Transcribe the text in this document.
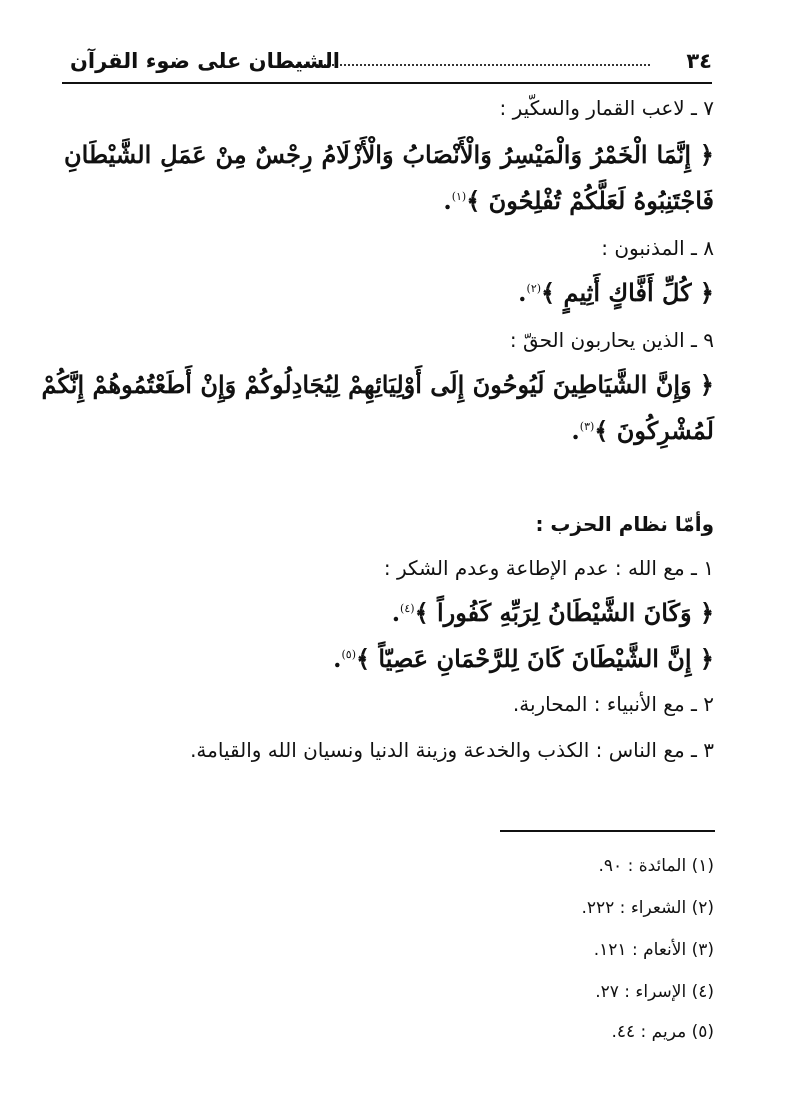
٣٤
الشيطان على ضوء القرآن
٧ ـ لاعب القمار والسكّير :
﴿ إِنَّمَا الْخَمْرُ وَالْمَيْسِرُ وَالْأَنْصَابُ وَالْأَزْلَامُ رِجْسٌ مِنْ عَمَلِ الشَّيْطَانِ
فَاجْتَنِبُوهُ لَعَلَّكُمْ تُفْلِحُونَ ﴾$^{(١)}$.
٨ ـ المذنبون :
﴿ كُلِّ أَفَّاكٍ أَثِيمٍ ﴾$^{(٢)}$.
٩ ـ الذين يحاربون الحقّ :
﴿ وَإِنَّ الشَّيَاطِينَ لَيُوحُونَ إِلَى أَوْلِيَائِهِمْ لِيُجَادِلُوكُمْ وَإِنْ أَطَعْتُمُوهُمْ إِنَّكُمْ
لَمُشْرِكُونَ ﴾$^{(٣)}$.
وأمّا نظام الحزب :
١ ـ مع الله : عدم الإطاعة وعدم الشكر :
﴿ وَكَانَ الشَّيْطَانُ لِرَبِّهِ كَفُوراً ﴾$^{(٤)}$.
﴿ إِنَّ الشَّيْطَانَ كَانَ لِلرَّحْمَانِ عَصِيّاً ﴾$^{(٥)}$.
٢ ـ مع الأنبياء : المحاربة.
٣ ـ مع الناس : الكذب والخدعة وزينة الدنيا ونسيان الله والقيامة.
(١) المائدة : ٩٠.
(٢) الشعراء : ٢٢٢.
(٣) الأنعام : ١٢١.
(٤) الإسراء : ٢٧.
(٥) مريم : ٤٤.
